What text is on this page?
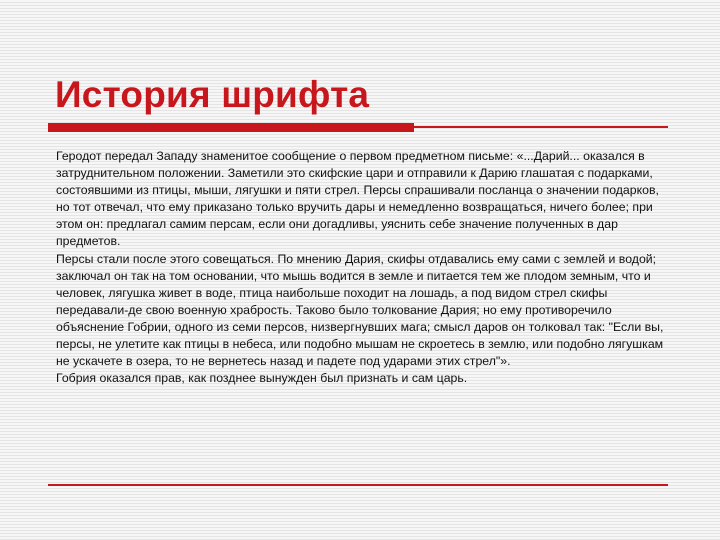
История шрифта

Геродот передал Западу знаменитое сообщение о первом предметном письме: «...Дарий... оказался в затруднительном положении. Заметили это скифские цари и отправили к Дарию глашатая с подарками, состоявшими из птицы, мыши, лягушки и пяти стрел. Персы спрашивали посланца о значении подарков, но тот отвечал, что ему приказано только вручить дары и немедленно возвращаться, ничего более; при этом он: предлагал самим персам, если они догадливы, уяснить себе значение полученных в дар предметов.

Персы стали после этого совещаться. По мнению Дария, скифы отдавались ему сами с землей и водой; заключал он так на том основании, что мышь водится в земле и питается тем же плодом земным, что и человек, лягушка живет в воде, птица наибольше походит на лошадь, а под видом стрел скифы передавали-де свою военную храбрость. Таково было толкование Дария; но ему противоречило объяснение Гобрии, одного из семи персов, низвергнувших мага; смысл даров он толковал так: "Если вы, персы, не улетите как птицы в небеса, или подобно мышам не скроетесь в землю, или подобно лягушкам не ускачете в озера, то не вернетесь назад и падете под ударами этих стрел"».

Гобрия оказался прав, как позднее вынужден был признать и сам царь.
